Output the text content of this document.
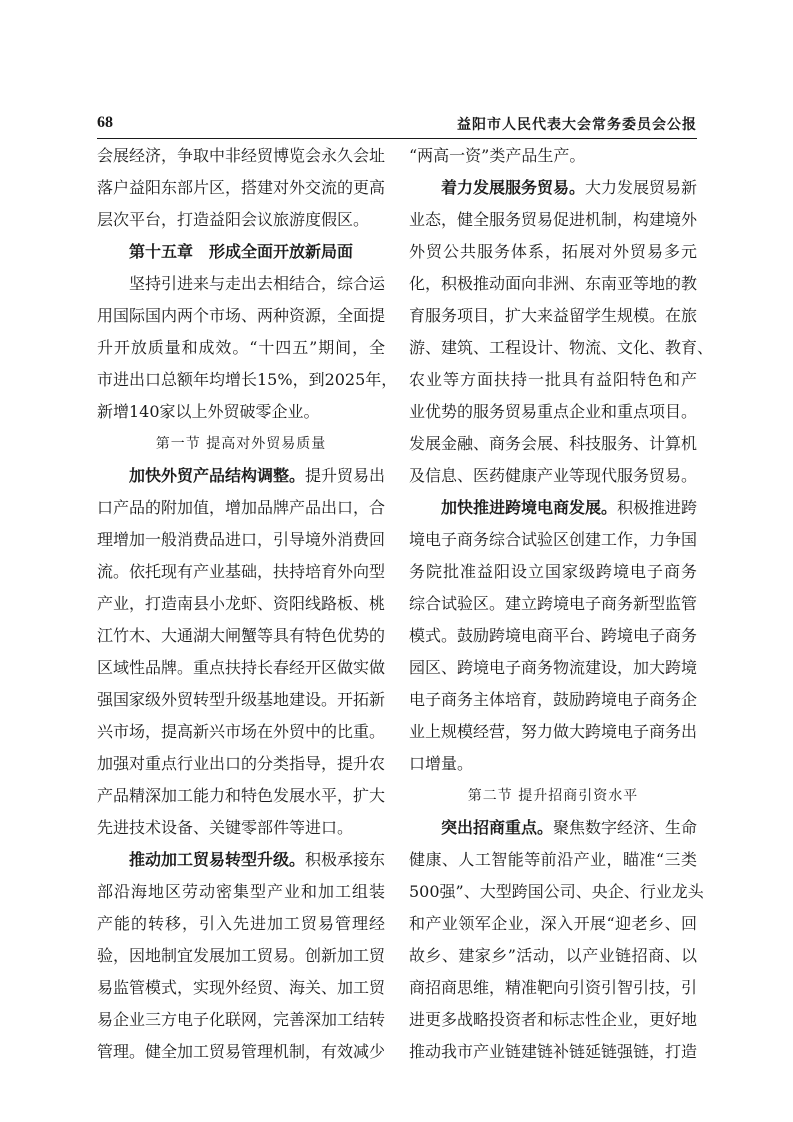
68	益阳市人民代表大会常务委员会公报
会展经济，争取中非经贸博览会永久会址
落户益阳东部片区，搭建对外交流的更高
层次平台，打造益阳会议旅游度假区。
第十五章　形成全面开放新局面
坚持引进来与走出去相结合，综合运
用国际国内两个市场、两种资源，全面提
升开放质量和成效。“十四五”期间，全
市进出口总额年均增长15%，到2025年，
新增140家以上外贸破零企业。
第一节 提高对外贸易质量
加快外贸产品结构调整。提升贸易出
口产品的附加值，增加品牌产品出口，合
理增加一般消费品进口，引导境外消费回
流。依托现有产业基础，扶持培育外向型
产业，打造南县小龙虾、资阳线路板、桃
江竹木、大通湖大闸蟹等具有特色优势的
区域性品牌。重点扶持长春经开区做实做
强国家级外贸转型升级基地建设。开拓新
兴市场，提高新兴市场在外贸中的比重。
加强对重点行业出口的分类指导，提升农
产品精深加工能力和特色发展水平，扩大
先进技术设备、关键零部件等进口。
推动加工贸易转型升级。积极承接东
部沿海地区劳动密集型产业和加工组装
产能的转移，引入先进加工贸易管理经
验，因地制宜发展加工贸易。创新加工贸
易监管模式，实现外经贸、海关、加工贸
易企业三方电子化联网，完善深加工结转
管理。健全加工贸易管理机制，有效减少
“两高一资”类产品生产。
着力发展服务贸易。大力发展贸易新
业态，健全服务贸易促进机制，构建境外
外贸公共服务体系，拓展对外贸易多元
化，积极推动面向非洲、东南亚等地的教
育服务项目，扩大来益留学生规模。在旅
游、建筑、工程设计、物流、文化、教育、
农业等方面扶持一批具有益阳特色和产
业优势的服务贸易重点企业和重点项目。
发展金融、商务会展、科技服务、计算机
及信息、医药健康产业等现代服务贸易。
加快推进跨境电商发展。积极推进跨
境电子商务综合试验区创建工作，力争国
务院批准益阳设立国家级跨境电子商务
综合试验区。建立跨境电子商务新型监管
模式。鼓励跨境电商平台、跨境电子商务
园区、跨境电子商务物流建设，加大跨境
电子商务主体培育，鼓励跨境电子商务企
业上规模经营，努力做大跨境电子商务出
口增量。
第二节 提升招商引资水平
突出招商重点。聚焦数字经济、生命
健康、人工智能等前沿产业，瞄准“三类
500强”、大型跨国公司、央企、行业龙头
和产业领军企业，深入开展“迎老乡、回
故乡、建家乡”活动，以产业链招商、以
商招商思维，精准靶向引资引智引技，引
进更多战略投资者和标志性企业，更好地
推动我市产业链建链补链延链强链，打造
